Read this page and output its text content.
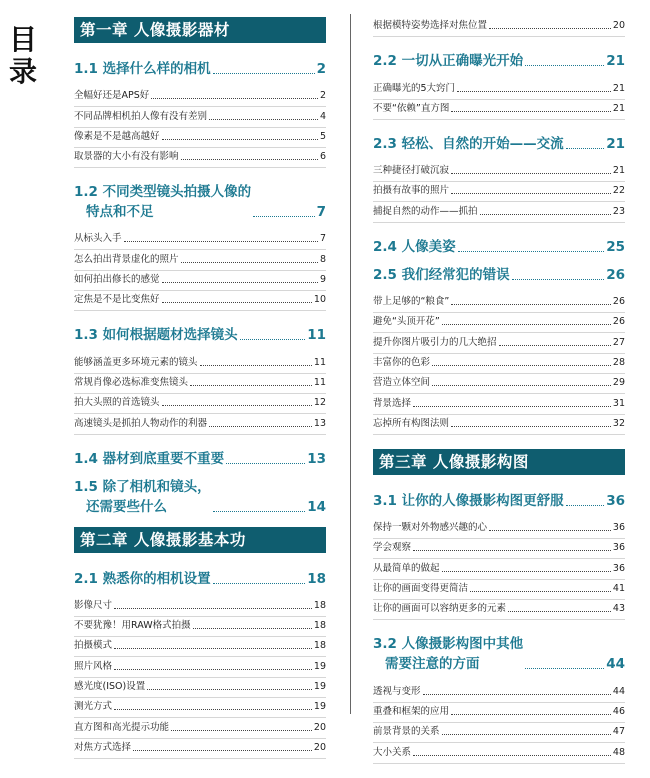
目录
第一章 人像摄影器材
1.1 选择什么样的相机	2
全幅好还是APS好	2
不同品牌相机拍人像有没有差别	4
像素是不是越高越好	5
取景器的大小有没有影响	6
1.2 不同类型镜头拍摄人像的
特点和不足	7
从标头入手	7
怎么拍出背景虚化的照片	8
如何拍出修长的感觉	9
定焦是不是比变焦好	10
1.3 如何根据题材选择镜头	11
能够涵盖更多环境元素的镜头	11
常规肖像必选标准变焦镜头	11
拍大头照的首选镜头	12
高速镜头是抓拍人物动作的利器	13
1.4 器材到底重要不重要	13
1.5 除了相机和镜头，
还需要些什么	14
第二章 人像摄影基本功
2.1 熟悉你的相机设置	18
影像尺寸	18
不要犹豫！用RAW格式拍摄	18
拍摄模式	18
照片风格	19
感光度(ISO)设置	19
测光方式	19
直方图和高光提示功能	20
对焦方式选择	20
根据模特姿势选择对焦位置	20
2.2 一切从正确曝光开始	21
正确曝光的5大窍门	21
不要“依赖”直方图	21
2.3 轻松、自然的开始——交流	21
三种捷径打破沉寂	21
拍摄有故事的照片	22
捕捉自然的动作——抓拍	23
2.4 人像美姿	25
2.5 我们经常犯的错误	26
带上足够的“粮食”	26
避免“头顶开花”	26
提升你图片吸引力的几大绝招	27
丰富你的色彩	28
营造立体空间	29
背景选择	31
忘掉所有构图法则	32
第三章 人像摄影构图
3.1 让你的人像摄影构图更舒服	36
保持一颗对外物感兴趣的心	36
学会观察	36
从最简单的做起	36
让你的画面变得更简洁	41
让你的画面可以容纳更多的元素	43
3.2 人像摄影构图中其他
需要注意的方面	44
透视与变形	44
重叠和框架的应用	46
前景背景的关系	47
大小关系	48
